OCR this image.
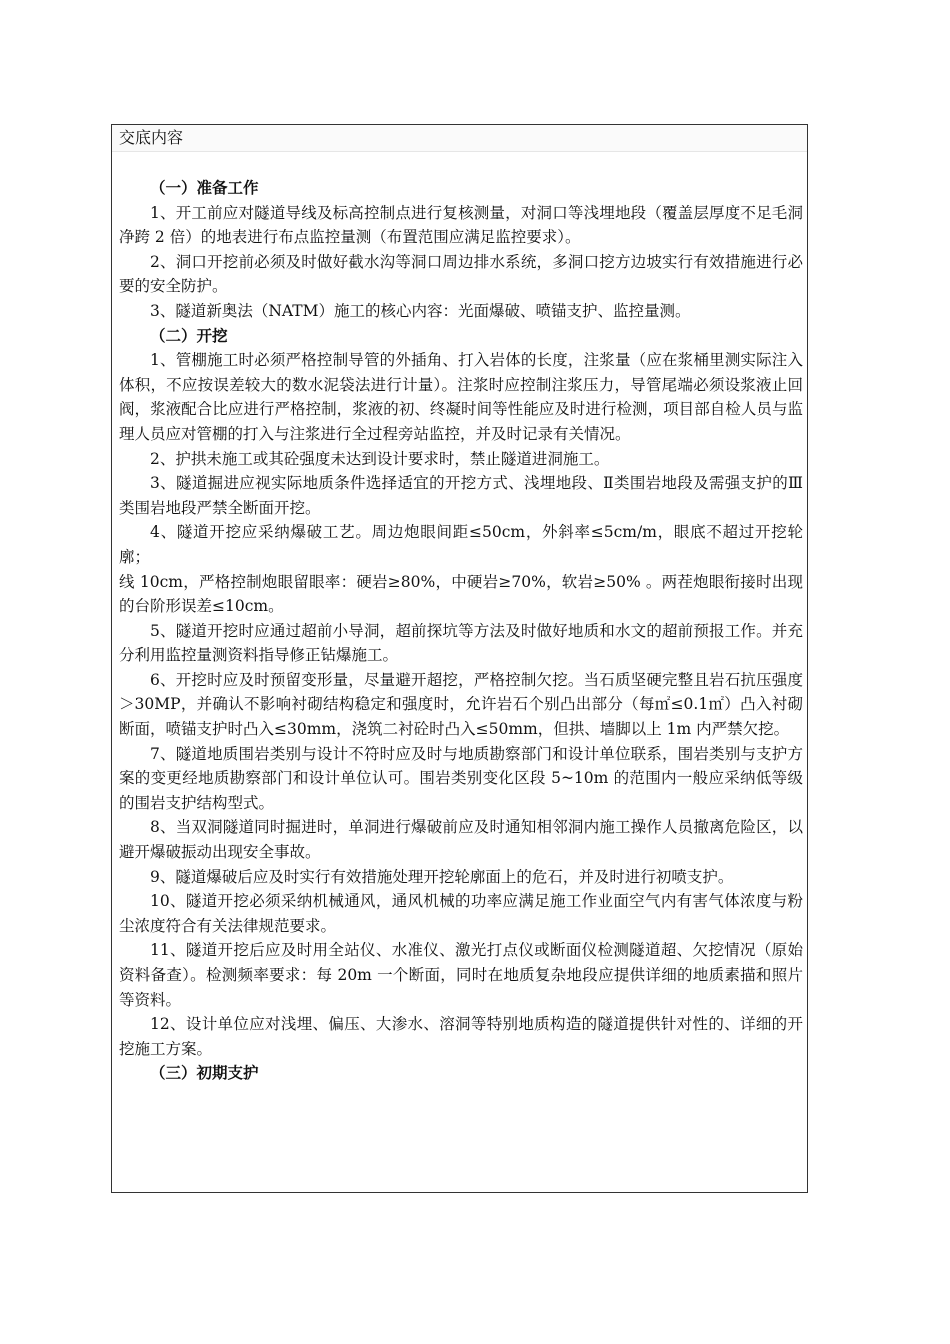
交底内容
（一）准备工作

1、开工前应对隧道导线及标高控制点进行复核测量，对洞口等浅埋地段（覆盖层厚度不足毛洞净跨 2 倍）的地表进行布点监控量测（布置范围应满足监控要求）。

2、洞口开挖前必须及时做好截水沟等洞口周边排水系统，多洞口挖方边坡实行有效措施进行必要的安全防护。

3、隧道新奥法（NATM）施工的核心内容：光面爆破、喷锚支护、监控量测。

（二）开挖

1、管棚施工时必须严格控制导管的外插角、打入岩体的长度，注浆量（应在浆桶里测实际注入体积，不应按误差较大的数水泥袋法进行计量）。注浆时应控制注浆压力，导管尾端必须设浆液止回阀，浆液配合比应进行严格控制，浆液的初、终凝时间等性能应及时进行检测，项目部自检人员与监理人员应对管棚的打入与注浆进行全过程旁站监控，并及时记录有关情况。

2、护拱未施工或其砼强度未达到设计要求时，禁止隧道进洞施工。

3、隧道掘进应视实际地质条件选择适宜的开挖方式、浅埋地段、Ⅱ类围岩地段及需强支护的Ⅲ类围岩地段严禁全断面开挖。

4、隧道开挖应采纳爆破工艺。周边炮眼间距≤50cm，外斜率≤5cm/m，眼底不超过开挖轮廓；

线 10cm，严格控制炮眼留眼率：硬岩≥80%，中硬岩≥70%，软岩≥50% 。两茬炮眼衔接时出现的台阶形误差≤10cm。

5、隧道开挖时应通过超前小导洞，超前探坑等方法及时做好地质和水文的超前预报工作。并充分利用监控量测资料指导修正钻爆施工。

6、开挖时应及时预留变形量，尽量避开超挖，严格控制欠挖。当石质坚硬完整且岩石抗压强度＞30MP，并确认不影响衬砌结构稳定和强度时，允许岩石个别凸出部分（每㎡≤0.1㎡）凸入衬砌断面，喷锚支护时凸入≤30mm，浇筑二衬砼时凸入≤50mm，但拱、墙脚以上 1m 内严禁欠挖。

7、隧道地质围岩类别与设计不符时应及时与地质勘察部门和设计单位联系，围岩类别与支护方案的变更经地质勘察部门和设计单位认可。围岩类别变化区段 5~10m 的范围内一般应采纳低等级的围岩支护结构型式。

8、当双洞隧道同时掘进时，单洞进行爆破前应及时通知相邻洞内施工操作人员撤离危险区，以避开爆破振动出现安全事故。

9、隧道爆破后应及时实行有效措施处理开挖轮廓面上的危石，并及时进行初喷支护。

10、隧道开挖必须采纳机械通风，通风机械的功率应满足施工作业面空气内有害气体浓度与粉尘浓度符合有关法律规范要求。

11、隧道开挖后应及时用全站仪、水准仪、激光打点仪或断面仪检测隧道超、欠挖情况（原始资料备查）。检测频率要求：每 20m 一个断面，同时在地质复杂地段应提供详细的地质素描和照片等资料。

12、设计单位应对浅埋、偏压、大渗水、溶洞等特别地质构造的隧道提供针对性的、详细的开挖施工方案。

（三）初期支护
